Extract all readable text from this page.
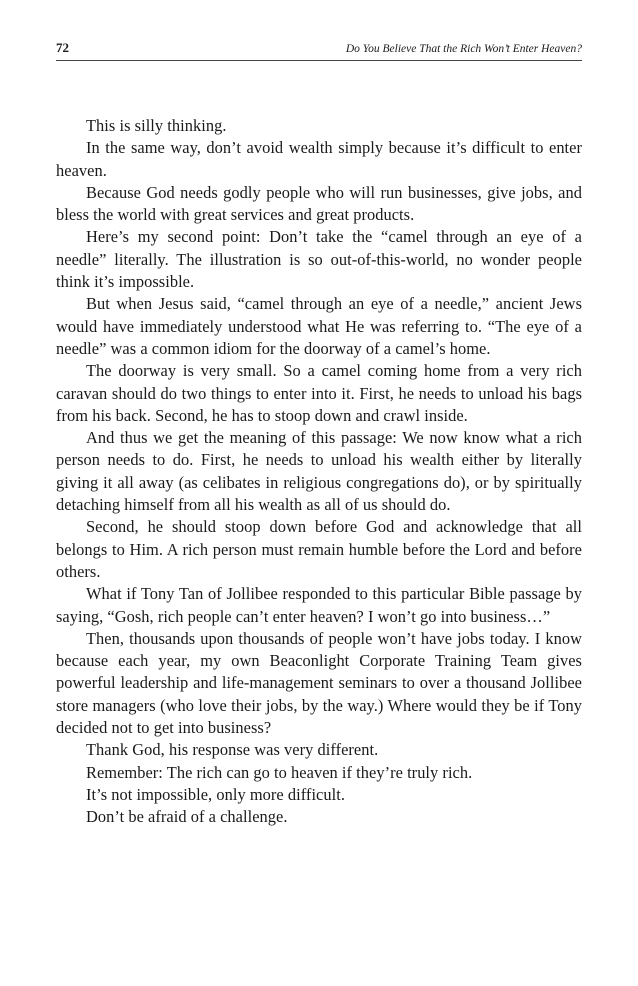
72	Do You Believe That the Rich Won’t Enter Heaven?

This is silly thinking.

In the same way, don’t avoid wealth simply because it’s difficult to enter heaven.

Because God needs godly people who will run businesses, give jobs, and bless the world with great services and great products.

Here’s my second point: Don’t take the “camel through an eye of a needle” literally. The illustration is so out-of-this-world, no wonder people think it’s impossible.

But when Jesus said, “camel through an eye of a needle,” ancient Jews would have immediately understood what He was referring to. “The eye of a needle” was a common idiom for the doorway of a camel’s home.

The doorway is very small. So a camel coming home from a very rich caravan should do two things to enter into it. First, he needs to unload his bags from his back. Second, he has to stoop down and crawl inside.

And thus we get the meaning of this passage: We now know what a rich person needs to do. First, he needs to unload his wealth either by literally giving it all away (as celibates in religious congregations do), or by spiritually detaching himself from all his wealth as all of us should do.

Second, he should stoop down before God and acknowledge that all belongs to Him. A rich person must remain humble before the Lord and before others.

What if Tony Tan of Jollibee responded to this particular Bible passage by saying, “Gosh, rich people can’t enter heaven? I won’t go into business…”

Then, thousands upon thousands of people won’t have jobs today. I know because each year, my own Beaconlight Corporate Training Team gives powerful leadership and life-management seminars to over a thousand Jollibee store managers (who love their jobs, by the way.) Where would they be if Tony decided not to get into business?

Thank God, his response was very different.

Remember: The rich can go to heaven if they’re truly rich.

It’s not impossible, only more difficult.

Don’t be afraid of a challenge.
